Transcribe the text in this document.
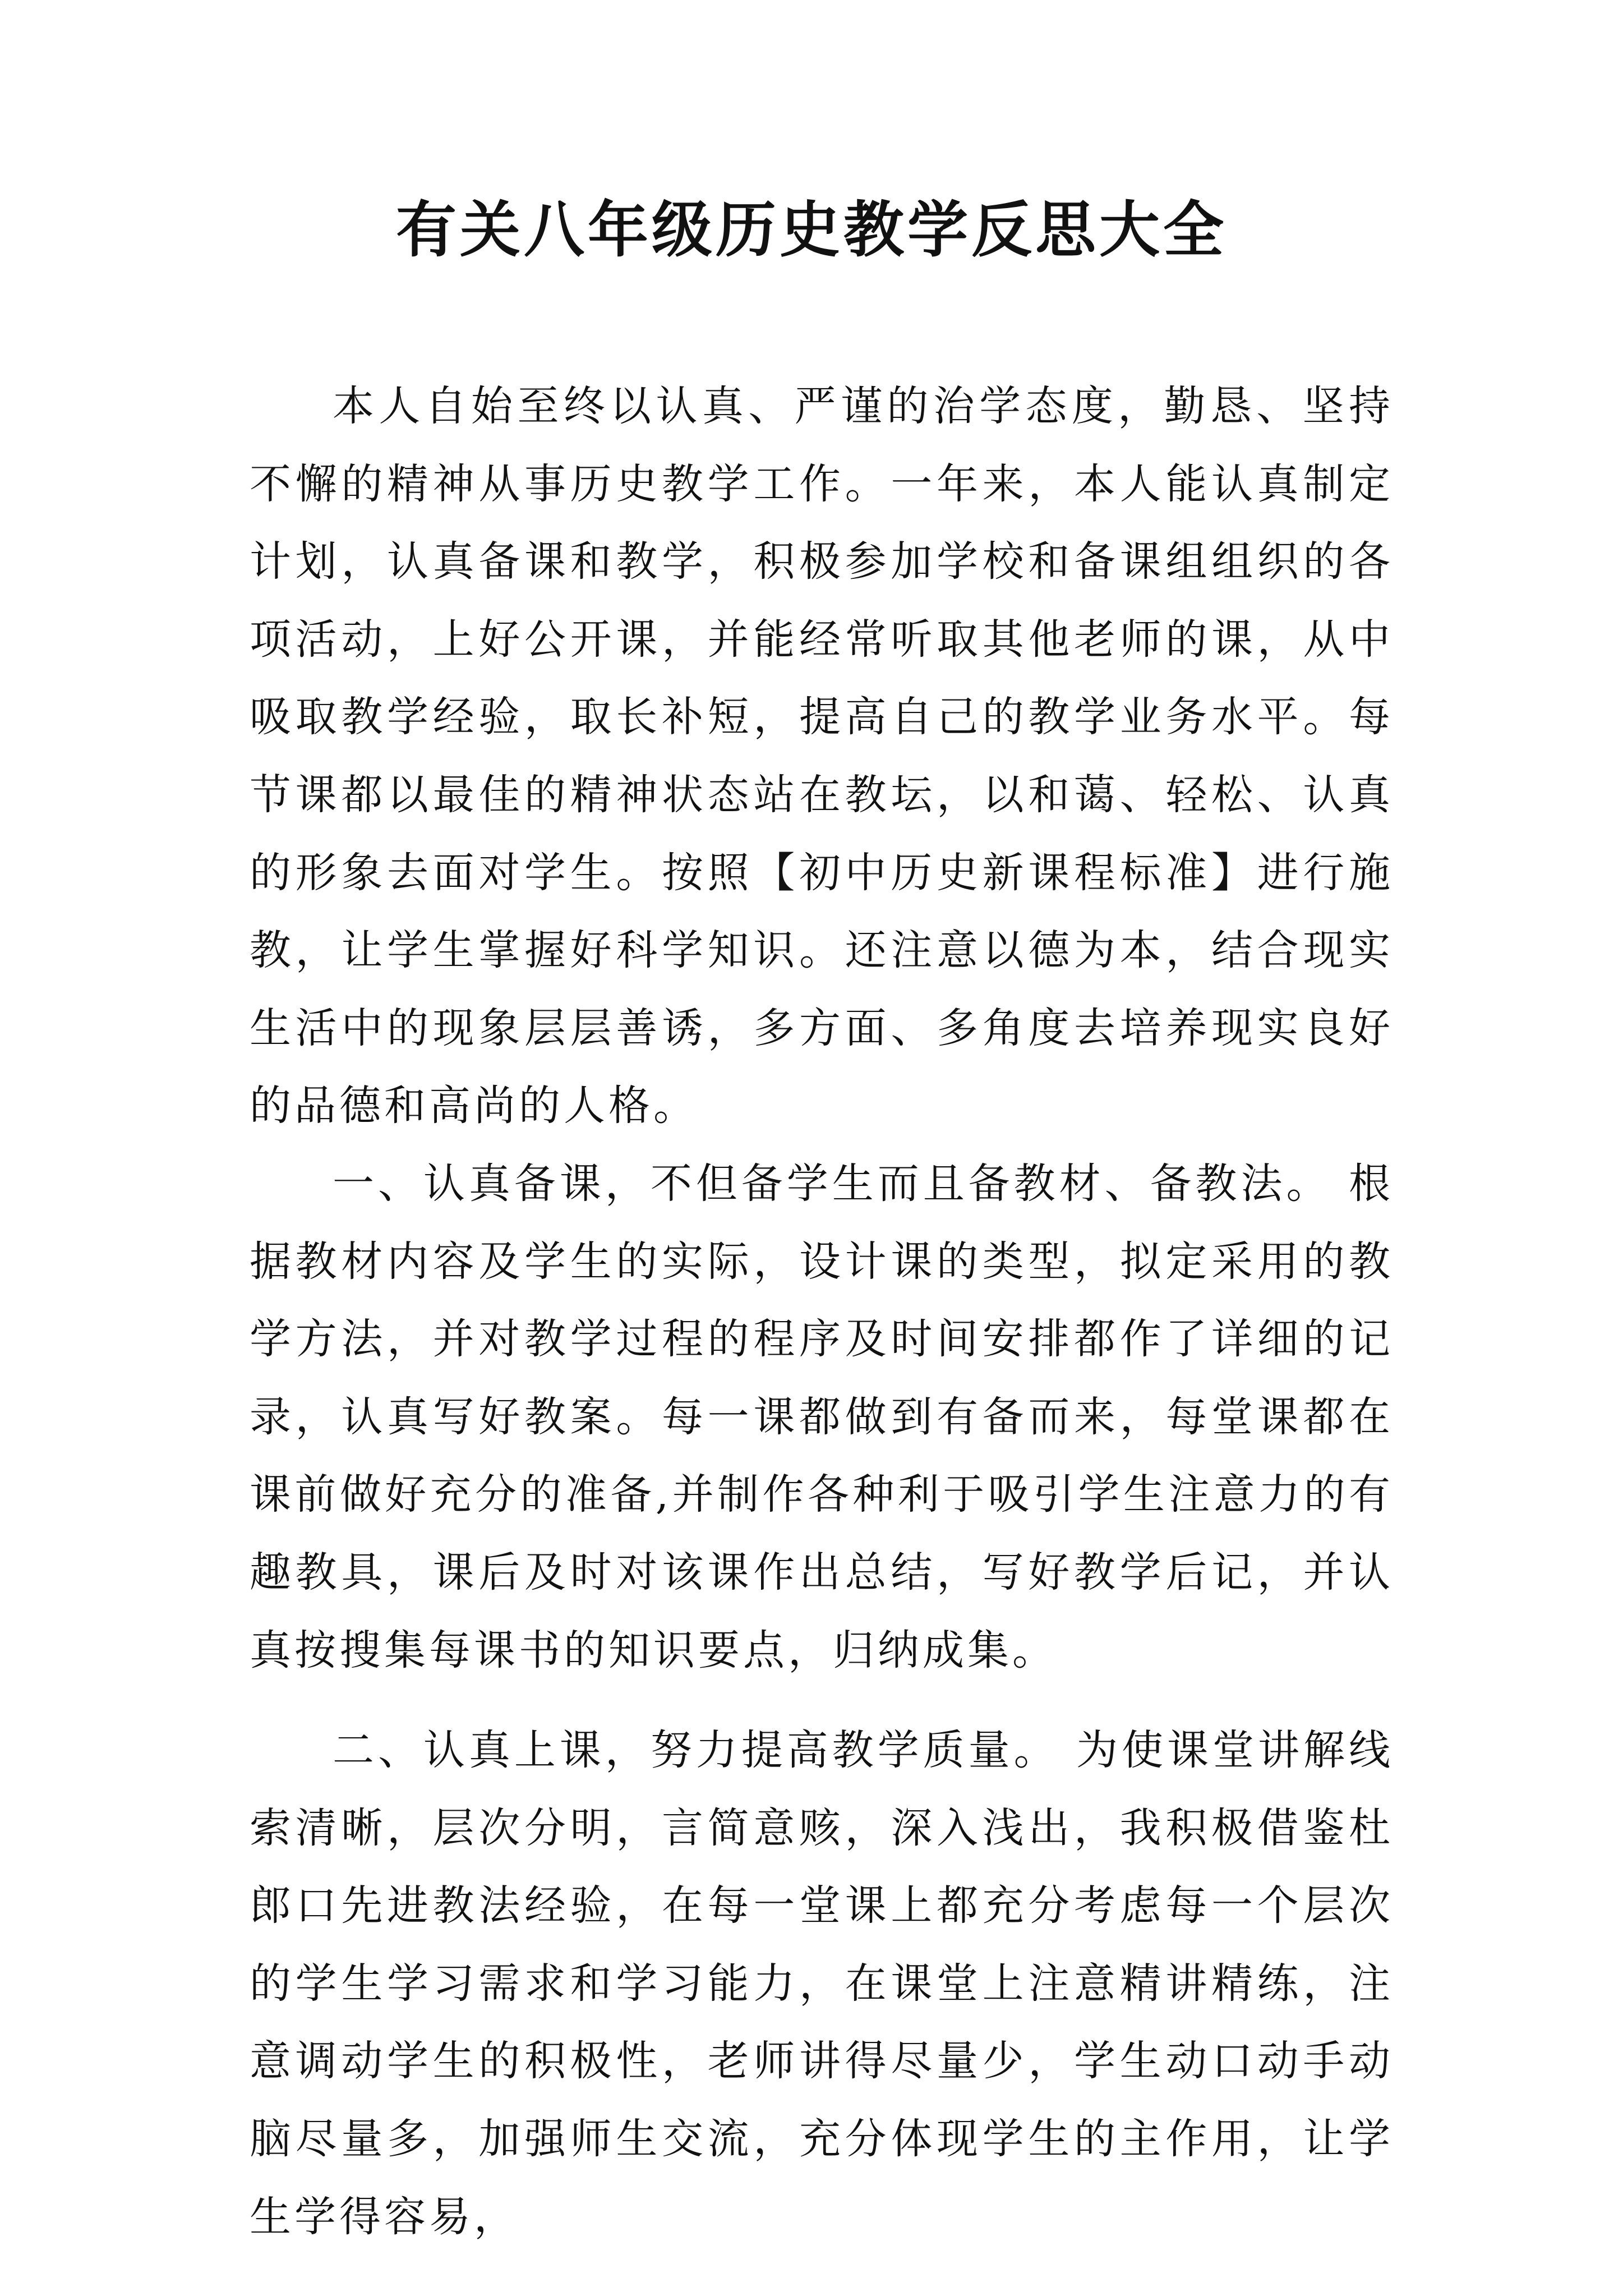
有关八年级历史教学反思大全

本人自始至终以认真、严谨的治学态度，勤恳、坚持不懈的精神从事历史教学工作。一年来，本人能认真制定计划，认真备课和教学，积极参加学校和备课组组织的各项活动，上好公开课，并能经常听取其他老师的课，从中吸取教学经验，取长补短，提高自己的教学业务水平。每节课都以最佳的精神状态站在教坛，以和蔼、轻松、认真的形象去面对学生。按照【初中历史新课程标准】进行施教，让学生掌握好科学知识。还注意以德为本，结合现实生活中的现象层层善诱，多方面、多角度去培养现实良好的品德和高尚的人格。

一、认真备课，不但备学生而且备教材、备教法。 根据教材内容及学生的实际，设计课的类型，拟定采用的教学方法，并对教学过程的程序及时间安排都作了详细的记录，认真写好教案。每一课都做到有备而来，每堂课都在课前做好充分的准备,并制作各种利于吸引学生注意力的有趣教具，课后及时对该课作出总结，写好教学后记，并认真按搜集每课书的知识要点，归纳成集。

二、认真上课，努力提高教学质量。 为使课堂讲解线索清晰，层次分明，言简意赅，深入浅出，我积极借鉴杜郎口先进教法经验，在每一堂课上都充分考虑每一个层次的学生学习需求和学习能力，在课堂上注意精讲精练，注意调动学生的积极性，老师讲得尽量少，学生动口动手动脑尽量多，加强师生交流，充分体现学生的主作用，让学生学得容易，
